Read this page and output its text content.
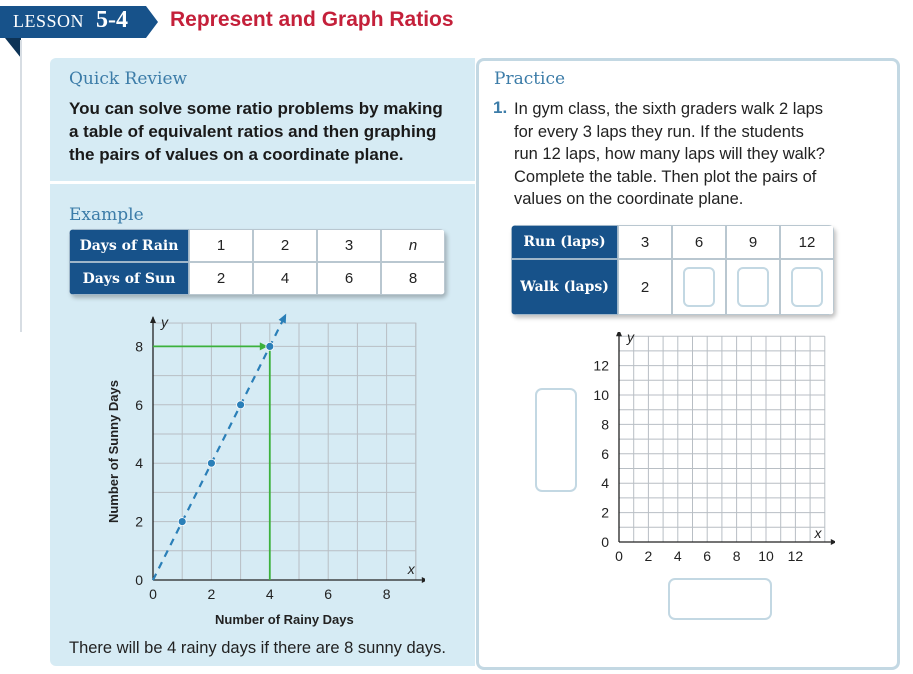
LESSON 5-4 Represent and Graph Ratios
Quick Review
You can solve some ratio problems by making
a table of equivalent ratios and then graphing
the pairs of values on a coordinate plane.
Example
Days of Rain	1	2	3	n
Days of Sun	2	4	6	8
y
x
0	2	4	6	8
0
2
4
6
8
Number of Rainy Days
Number of Sunny Days
There will be 4 rainy days if there are 8 sunny days.
Practice
1. In gym class, the sixth graders walk 2 laps
for every 3 laps they run. If the students
run 12 laps, how many laps will they walk?
Complete the table. Then plot the pairs of
values on the coordinate plane.
Run (laps)	3	6	9	12
Walk (laps)	2			
y
x
0 2 4 6 8 10 12
0
2
4
6
8
10
12
